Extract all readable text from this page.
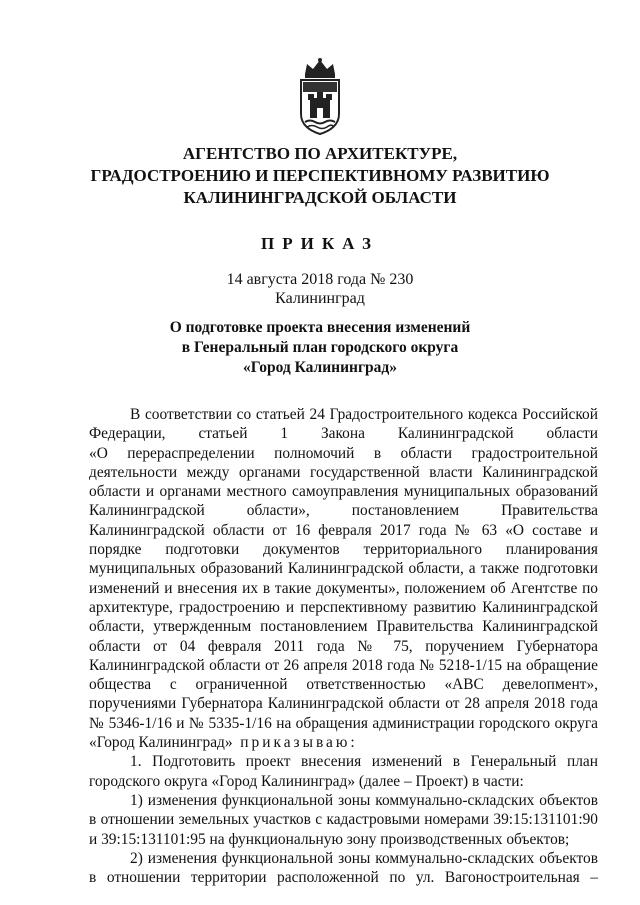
АГЕНТСТВО ПО АРХИТЕКТУРЕ,
ГРАДОСТРОЕНИЮ И ПЕРСПЕКТИВНОМУ РАЗВИТИЮ
КАЛИНИНГРАДСКОЙ ОБЛАСТИ
ПРИКАЗ
14 августа 2018 года № 230
Калининград
О подготовке проекта внесения изменений
в Генеральный план городского округа
«Город Калининград»

В соответствии со статьей 24 Градостроительного кодекса Российской

Федерации, статьей 1 Закона Калининградской области

«О перераспределении полномочий в области градостроительной

деятельности между органами государственной власти Калининградской

области и органами местного самоуправления муниципальных образований

Калининградской области», постановлением Правительства

Калининградской области от 16 февраля 2017 года № 63 «О составе и

порядке подготовки документов территориального планирования

муниципальных образований Калининградской области, а также подготовки

изменений и внесения их в такие документы», положением об Агентстве по

архитектуре, градостроению и перспективному развитию Калининградской

области, утвержденным постановлением Правительства Калининградской

области от 04 февраля 2011 года № 75, поручением Губернатора

Калининградской области от 26 апреля 2018 года № 5218-1/15 на обращение

общества с ограниченной ответственностью «АВС девелопмент»,

поручениями Губернатора Калининградской области от 28 апреля 2018 года

№ 5346-1/16 и № 5335-1/16 на обращения администрации городского округа

«Город Калининград» приказываю:

1. Подготовить проект внесения изменений в Генеральный план

городского округа «Город Калининград» (далее – Проект) в части:

1) изменения функциональной зоны коммунально-складских объектов

в отношении земельных участков с кадастровыми номерами 39:15:131101:90

и 39:15:131101:95 на функциональную зону производственных объектов;

2) изменения функциональной зоны коммунально-складских объектов

в отношении территории расположенной по ул. Вагоностроительная –
